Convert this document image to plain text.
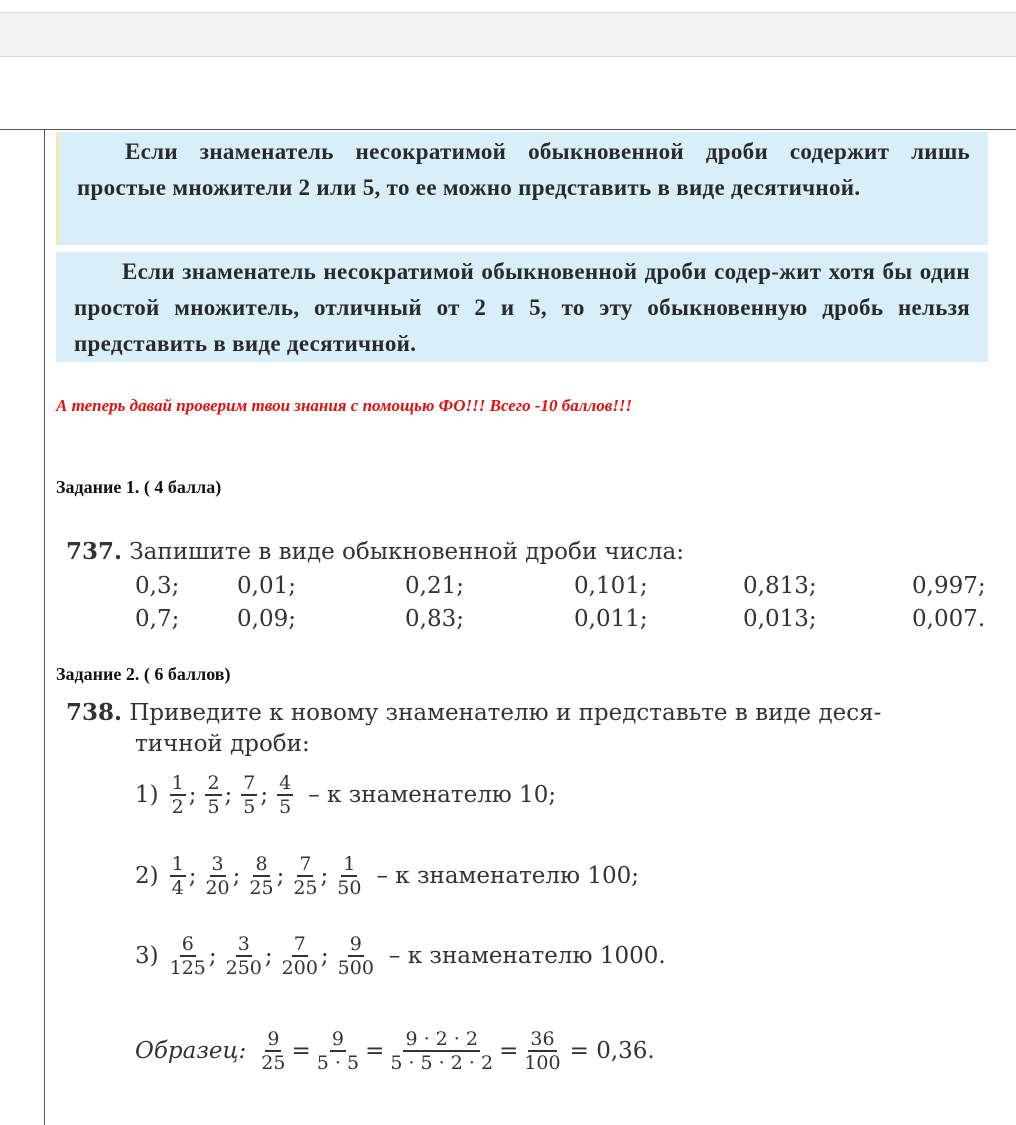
Если знаменатель несократимой обыкновенной дроби содержит лишь простые множители 2 или 5, то ее можно представить в виде десятичной.

Если знаменатель несократимой обыкновенной дроби содер-жит хотя бы один простой множитель, отличный от 2 и 5, то эту обыкновенную дробь нельзя представить в виде десятичной.

А теперь давай проверим твои знания с помощью ФО!!! Всего -10 баллов!!!
Задание 1. ( 4 балла)
737. Запишите в виде обыкновенной дроби числа:
0,3;	0,01;	0,21;	0,101;	0,813;	0,997;
0,7;	0,09;	0,83;	0,011;	0,013;	0,007.
Задание 2. ( 6 баллов)
738. Приведите к новому знаменателю и представьте в виде деся-
тичной дроби:
$1) \frac{1}{2}$ ; $\frac{2}{5}$ ; $\frac{7}{5}$ ; $\frac{4}{5}$ – к знаменателю 10;
$2) \frac{1}{4}$ ; $\frac{3}{20}$ ; $\frac{8}{25}$ ; $\frac{7}{25}$ ; $\frac{1}{50}$ – к знаменателю 100;
$3) \frac{6}{125}$ ; $\frac{3}{250}$ ; $\frac{7}{200}$ ; $\frac{9}{500}$ – к знаменателю 1000.
Образец: $\frac{9}{25} = \frac{9}{5 \cdot 5} = \frac{9 \cdot 2 \cdot 2}{5 \cdot 5 \cdot 2 \cdot 2} = \frac{36}{100} = 0,36$.
